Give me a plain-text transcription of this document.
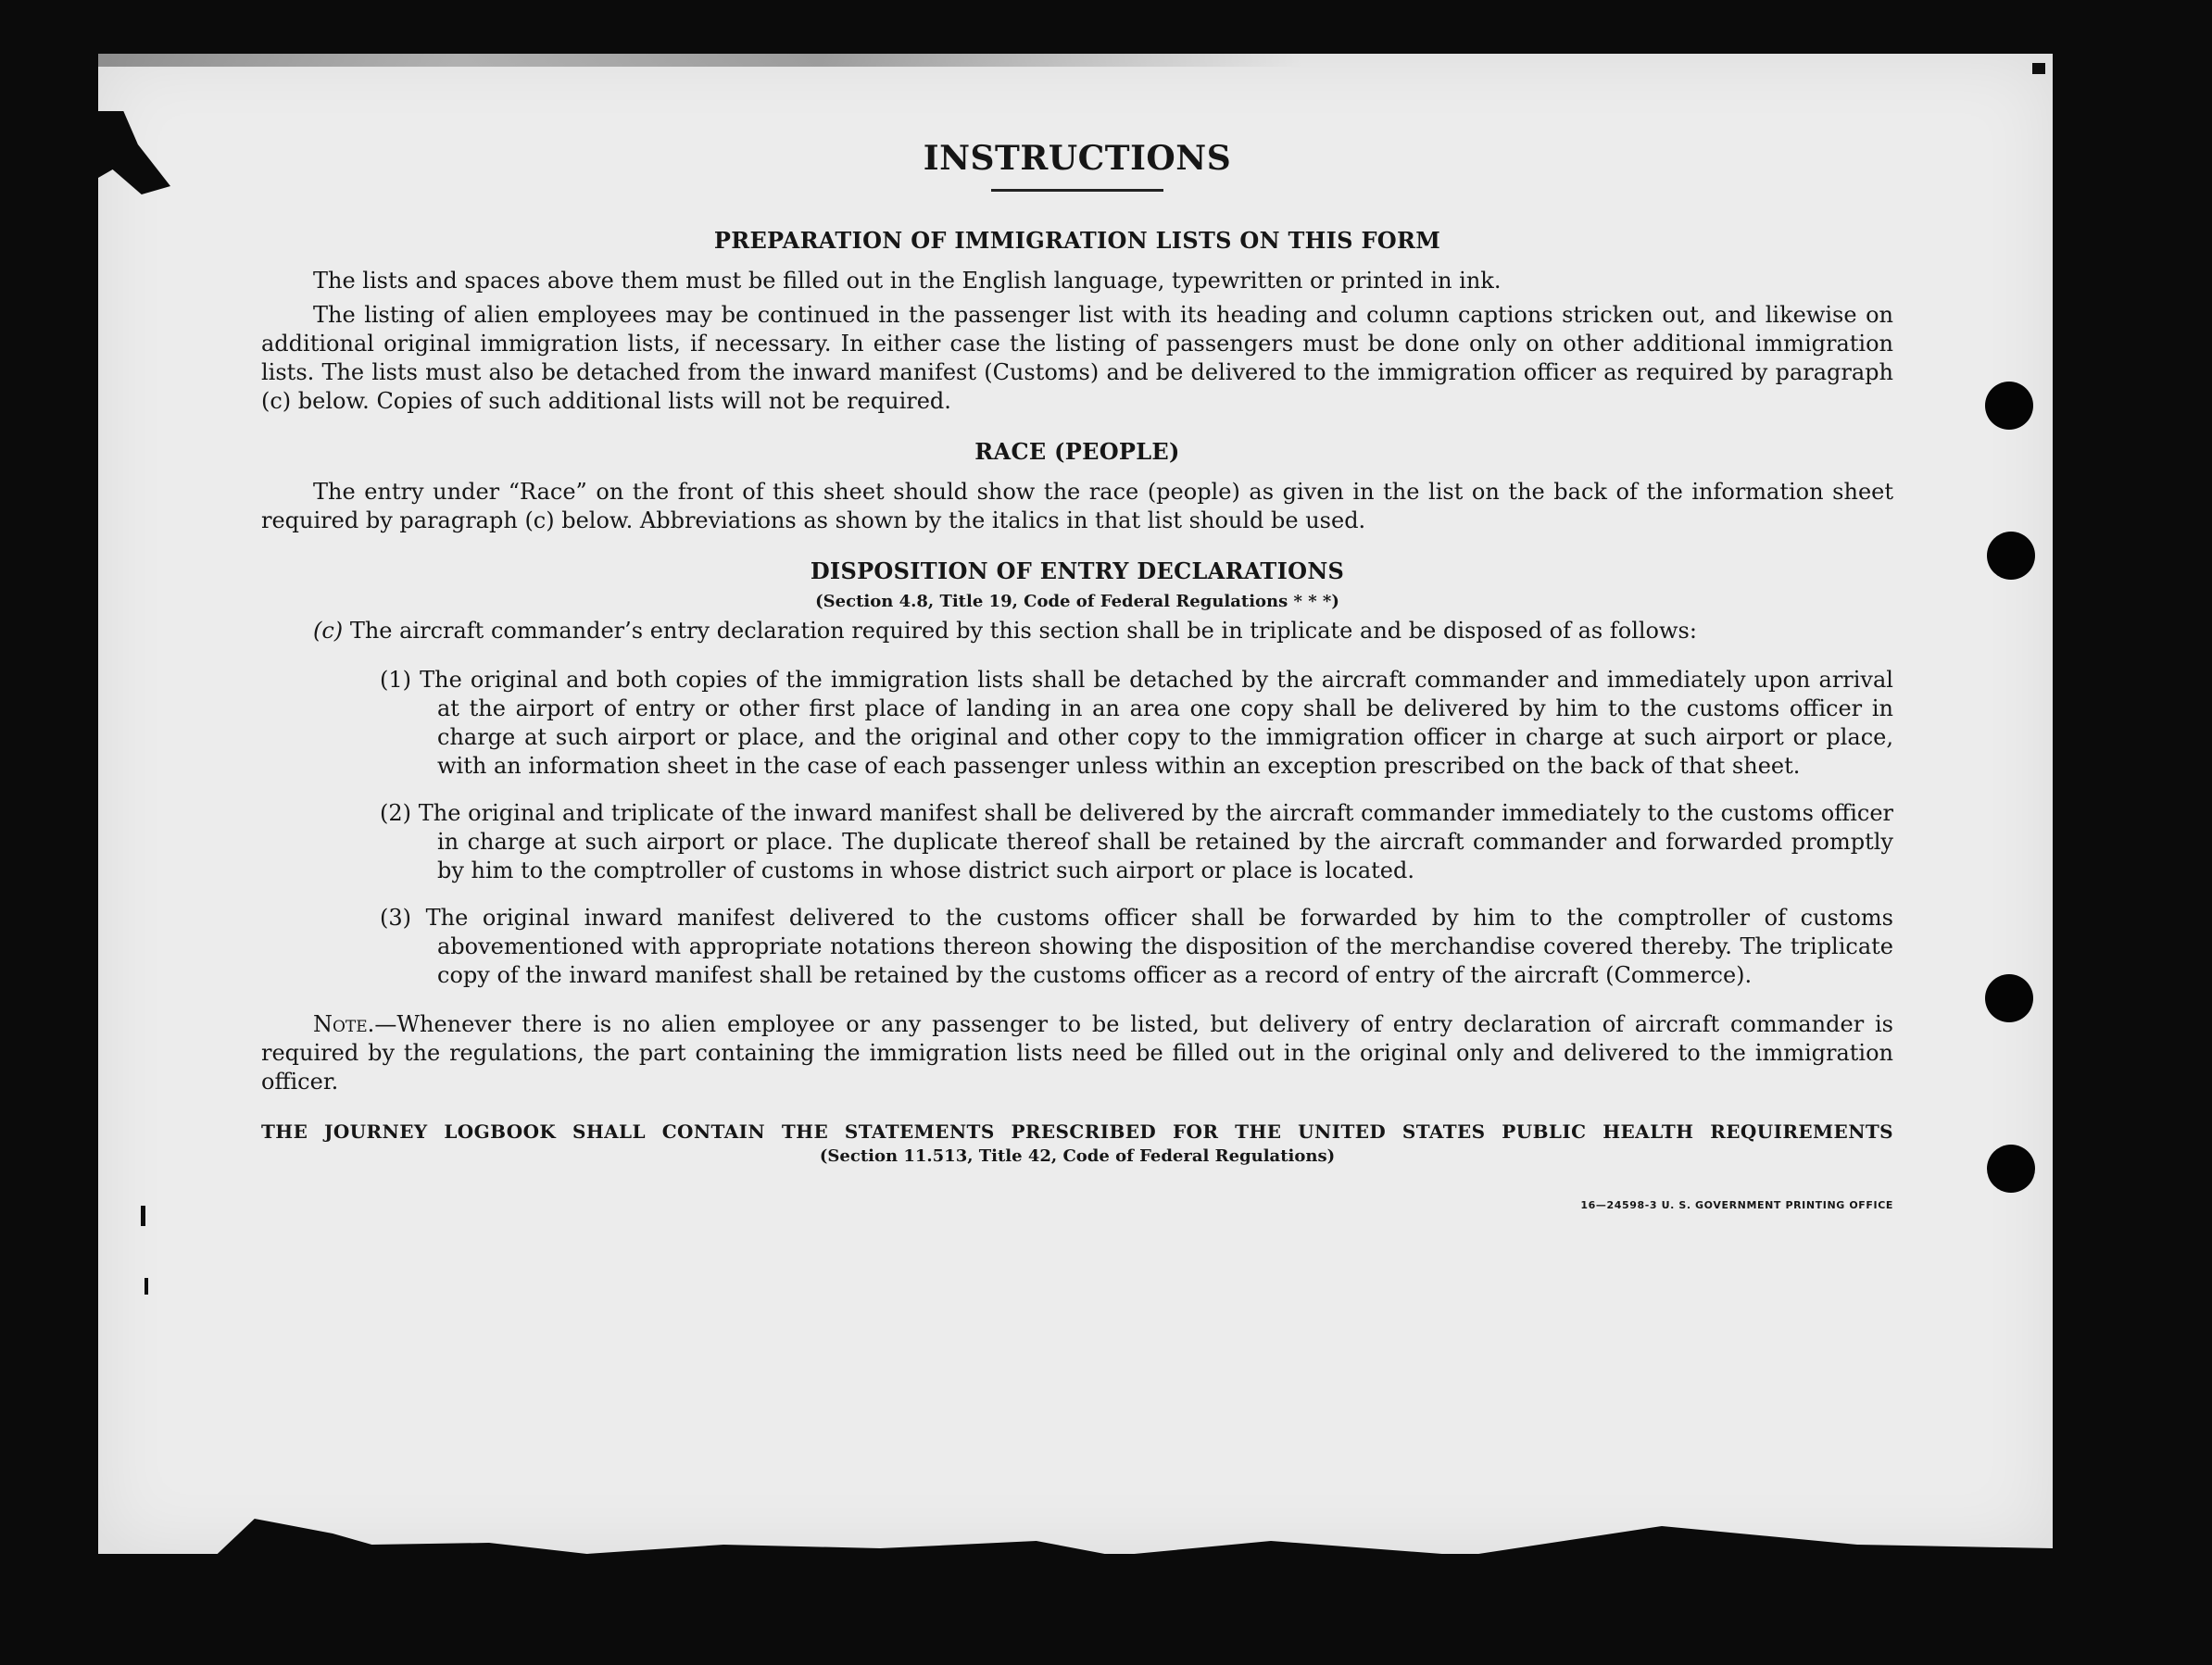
INSTRUCTIONS
PREPARATION OF IMMIGRATION LISTS ON THIS FORM

The lists and spaces above them must be filled out in the English language, typewritten or printed in ink.

The listing of alien employees may be continued in the passenger list with its heading and column captions stricken out, and likewise on additional original immigration lists, if necessary. In either case the listing of passengers must be done only on other additional immigration lists. The lists must also be detached from the inward manifest (Customs) and be delivered to the immigration officer as required by paragraph (c) below. Copies of such additional lists will not be required.

RACE (PEOPLE)

The entry under “Race” on the front of this sheet should show the race (people) as given in the list on the back of the information sheet required by paragraph (c) below. Abbreviations as shown by the italics in that list should be used.

DISPOSITION OF ENTRY DECLARATIONS
(Section 4.8, Title 19, Code of Federal Regulations * * *)

(c) The aircraft commander’s entry declaration required by this section shall be in triplicate and be disposed of as follows:

(1) The original and both copies of the immigration lists shall be detached by the aircraft commander and immediately upon arrival at the airport of entry or other first place of landing in an area one copy shall be delivered by him to the customs officer in charge at such airport or place, and the original and other copy to the immigration officer in charge at such airport or place, with an information sheet in the case of each passenger unless within an exception prescribed on the back of that sheet.
(2) The original and triplicate of the inward manifest shall be delivered by the aircraft commander immediately to the customs officer in charge at such airport or place. The duplicate thereof shall be retained by the aircraft commander and forwarded promptly by him to the comptroller of customs in whose district such airport or place is located.
(3) The original inward manifest delivered to the customs officer shall be forwarded by him to the comptroller of customs abovementioned with appropriate notations thereon showing the disposition of the merchandise covered thereby. The triplicate copy of the inward manifest shall be retained by the customs officer as a record of entry of the aircraft (Commerce).

Note.—Whenever there is no alien employee or any passenger to be listed, but delivery of entry declaration of aircraft commander is required by the regulations, the part containing the immigration lists need be filled out in the original only and delivered to the immigration officer.

THE JOURNEY LOGBOOK SHALL CONTAIN THE STATEMENTS PRESCRIBED FOR THE UNITED STATES PUBLIC HEALTH REQUIREMENTS
(Section 11.513, Title 42, Code of Federal Regulations)
16—24598-3 U. S. GOVERNMENT PRINTING OFFICE
